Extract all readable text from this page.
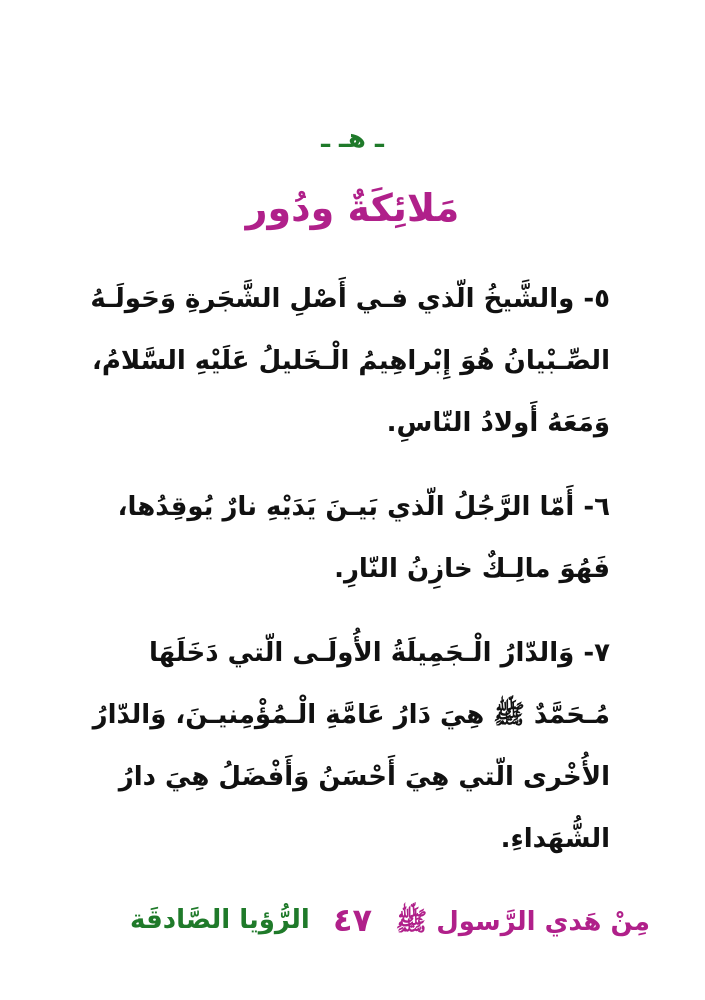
ـ هـ ـ
مَلائِكَةٌ ودُور

٥- والشَّيخُ الّذي فـي أَصْلِ الشَّجَرةِ وَحَولَـهُ الصِّـبْيانُ هُوَ إِبْراهِيمُ الْـخَليلُ عَلَيْهِ السَّلامُ، وَمَعَهُ أَولادُ النّاسِ.

٦- أَمّا الرَّجُلُ الّذي بَيـنَ يَدَيْهِ نارٌ يُوقِدُها، فَهُوَ مالِـكٌ خازِنُ النّارِ.

٧- وَالدّارُ الْـجَمِيلَةُ الأُولَـى الّتي دَخَلَهَا مُـحَمَّدٌ ﷺ هِيَ دَارُ عَامَّةِ الْـمُؤْمِنيـنَ، وَالدّارُ الأُخْرى الّتي هِيَ أَحْسَنُ وَأَفْضَلُ هِيَ دارُ الشُّهَداءِ.

مِنْ هَدي الرَّسول ﷺ
٤٧
الرُّؤيا الصَّادقَة
